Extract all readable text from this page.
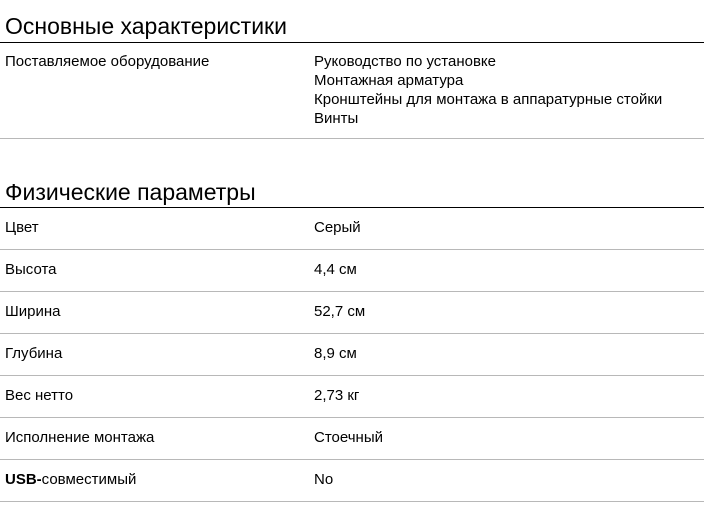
Основные характеристики
Поставляемое оборудование	Руководство по установке
Монтажная арматура
Кронштейны для монтажа в аппаратурные стойки
Винты
Физические параметры
Цвет	Серый
Высота	4,4 см
Ширина	52,7 см
Глубина	8,9 см
Вес нетто	2,73 кг
Исполнение монтажа	Стоечный
USB-совместимый	No
